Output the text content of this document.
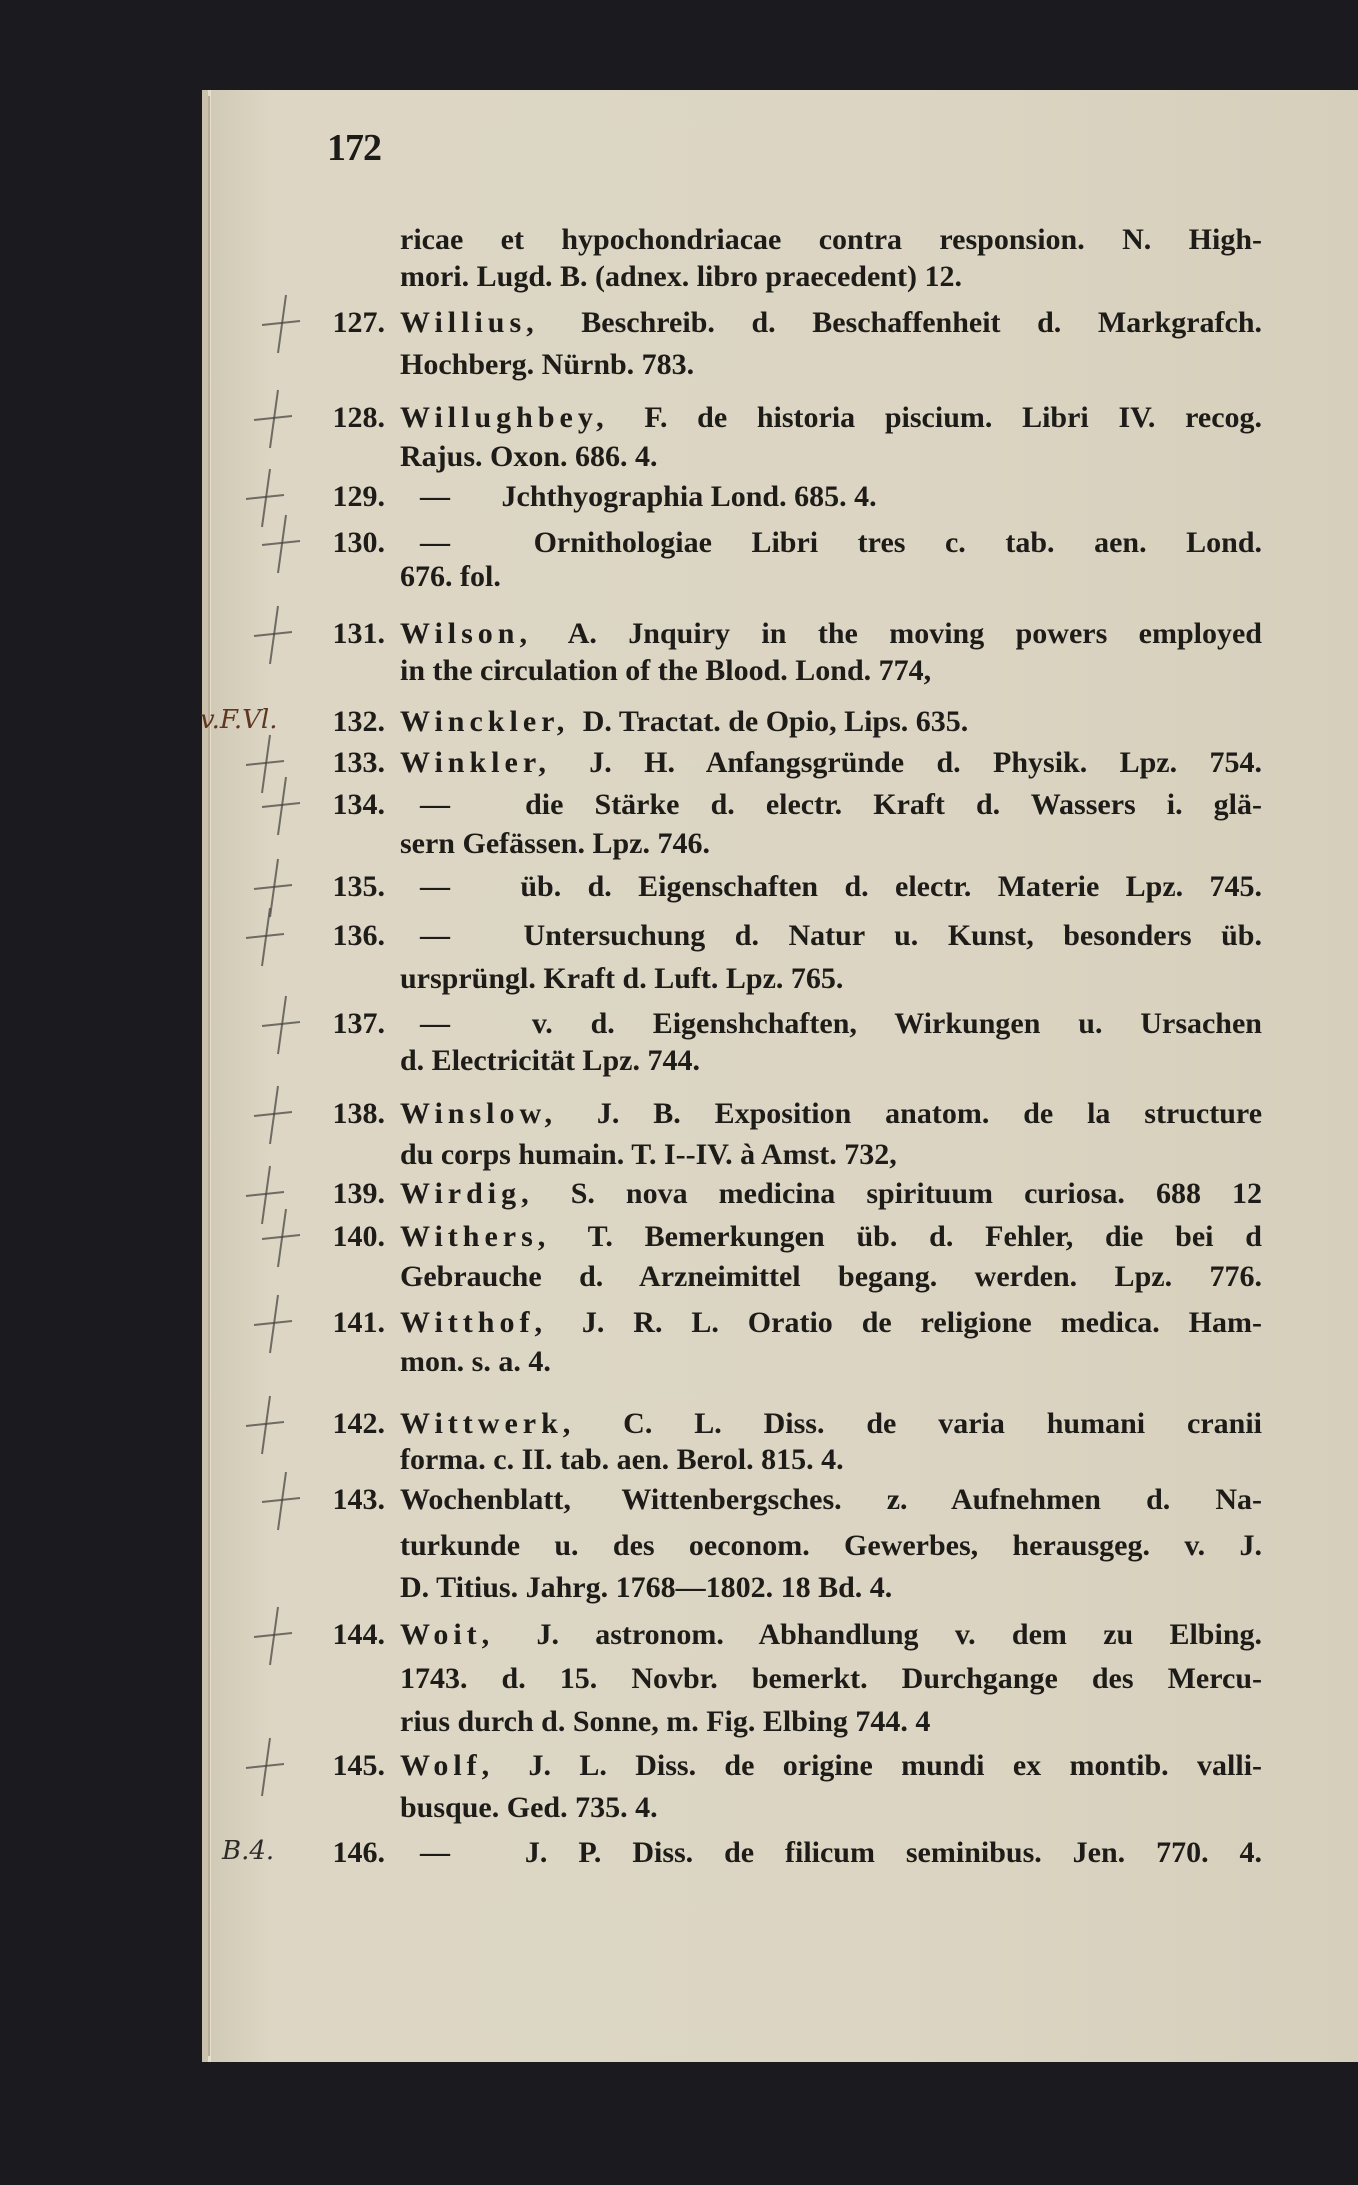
172
ricae et hypochondriacae contra responsion. N. High-
mori. Lugd. B. (adnex. libro praecedent) 12.
127. Willius, Beschreib. d. Beschaffenheit d. Markgrafch.
Hochberg. Nürnb. 783.
128. Willughbey, F. de historia piscium. Libri IV. recog.
Rajus. Oxon. 686. 4.
129. — Jchthyographia Lond. 685. 4.
130. —	Ornithologiae Libri tres c. tab. aen. Lond.
676. fol.
131. Wilson, A. Jnquiry in the moving powers employed
in the circulation of the Blood. Lond. 774,
132. Winckler, D. Tractat. de Opio, Lips. 635.
133. Winkler, J. H. Anfangsgründe d. Physik. Lpz. 754.
134. —	die Stärke d. electr. Kraft d. Wassers i. glä-
sern Gefässen. Lpz. 746.
135. — üb. d. Eigenschaften d. electr. Materie Lpz. 745.
136. — Untersuchung d. Natur u. Kunst, besonders üb.
ursprüngl. Kraft d. Luft. Lpz. 765.
137. —	v. d. Eigenshchaften, Wirkungen u. Ursachen
d. Electricität Lpz. 744.
138. Winslow, J. B. Exposition anatom. de la structure
du corps humain. T. I--IV. à Amst. 732,
139. Wirdig, S. nova medicina spirituum curiosa. 688 12
140. Withers, T. Bemerkungen üb. d. Fehler, die bei d
Gebrauche d. Arzneimittel begang. werden. Lpz. 776.
141. Witthof, J. R. L. Oratio de religione medica. Ham-
mon. s. a. 4.
142. Wittwerk, C. L. Diss. de varia humani cranii
forma. c. II. tab. aen. Berol. 815. 4.
143. Wochenblatt, Wittenbergsches. z. Aufnehmen d. Na-
turkunde u. des oeconom. Gewerbes, herausgeg. v. J.
D. Titius. Jahrg. 1768—1802. 18 Bd. 4.
144. Woit, J. astronom. Abhandlung v. dem zu Elbing.
1743. d. 15. Novbr. bemerkt. Durchgange des Mercu-
rius durch d. Sonne, m. Fig. Elbing 744. 4
145. Wolf, J. L. Diss. de origine mundi ex montib. valli-
busque. Ged. 735. 4.
146. — J. P. Diss. de filicum seminibus. Jen. 770. 4.
v.F.Vl.
B.4.
